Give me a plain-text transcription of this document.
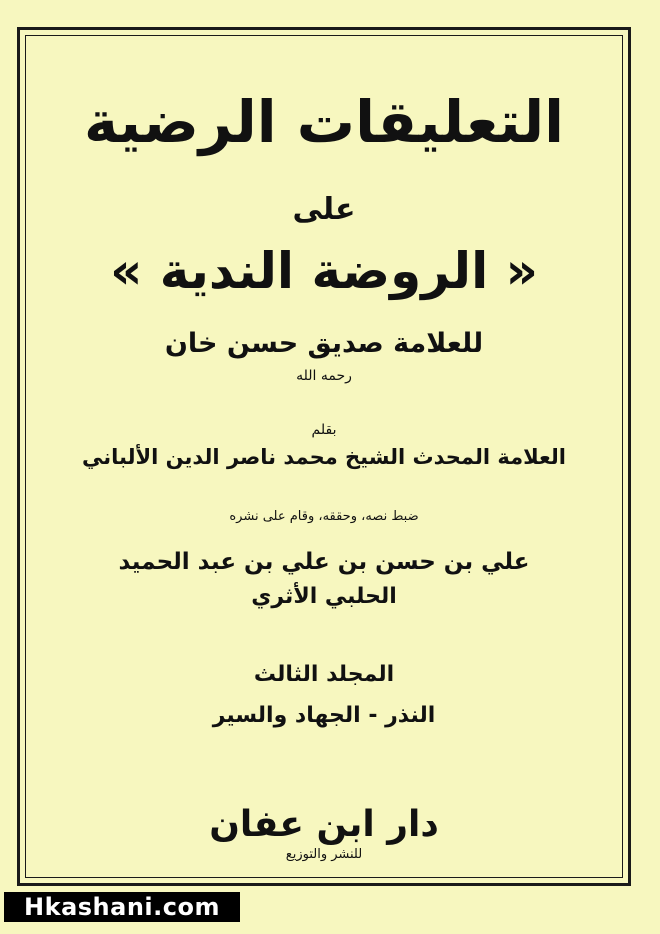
التعليقات الرضية
على
« الروضة الندية »
للعلامة صديق حسن خان
رحمه الله
بقلم
العلامة المحدث الشيخ محمد ناصر الدين الألباني
ضبط نصه، وحققه، وقام على نشره
علي بن حسن بن علي بن عبد الحميد
الحلبي الأثري
المجلد الثالث
النذر - الجهاد والسير
دار ابن عفان
للنشر والتوزيع
Hkashani.com
